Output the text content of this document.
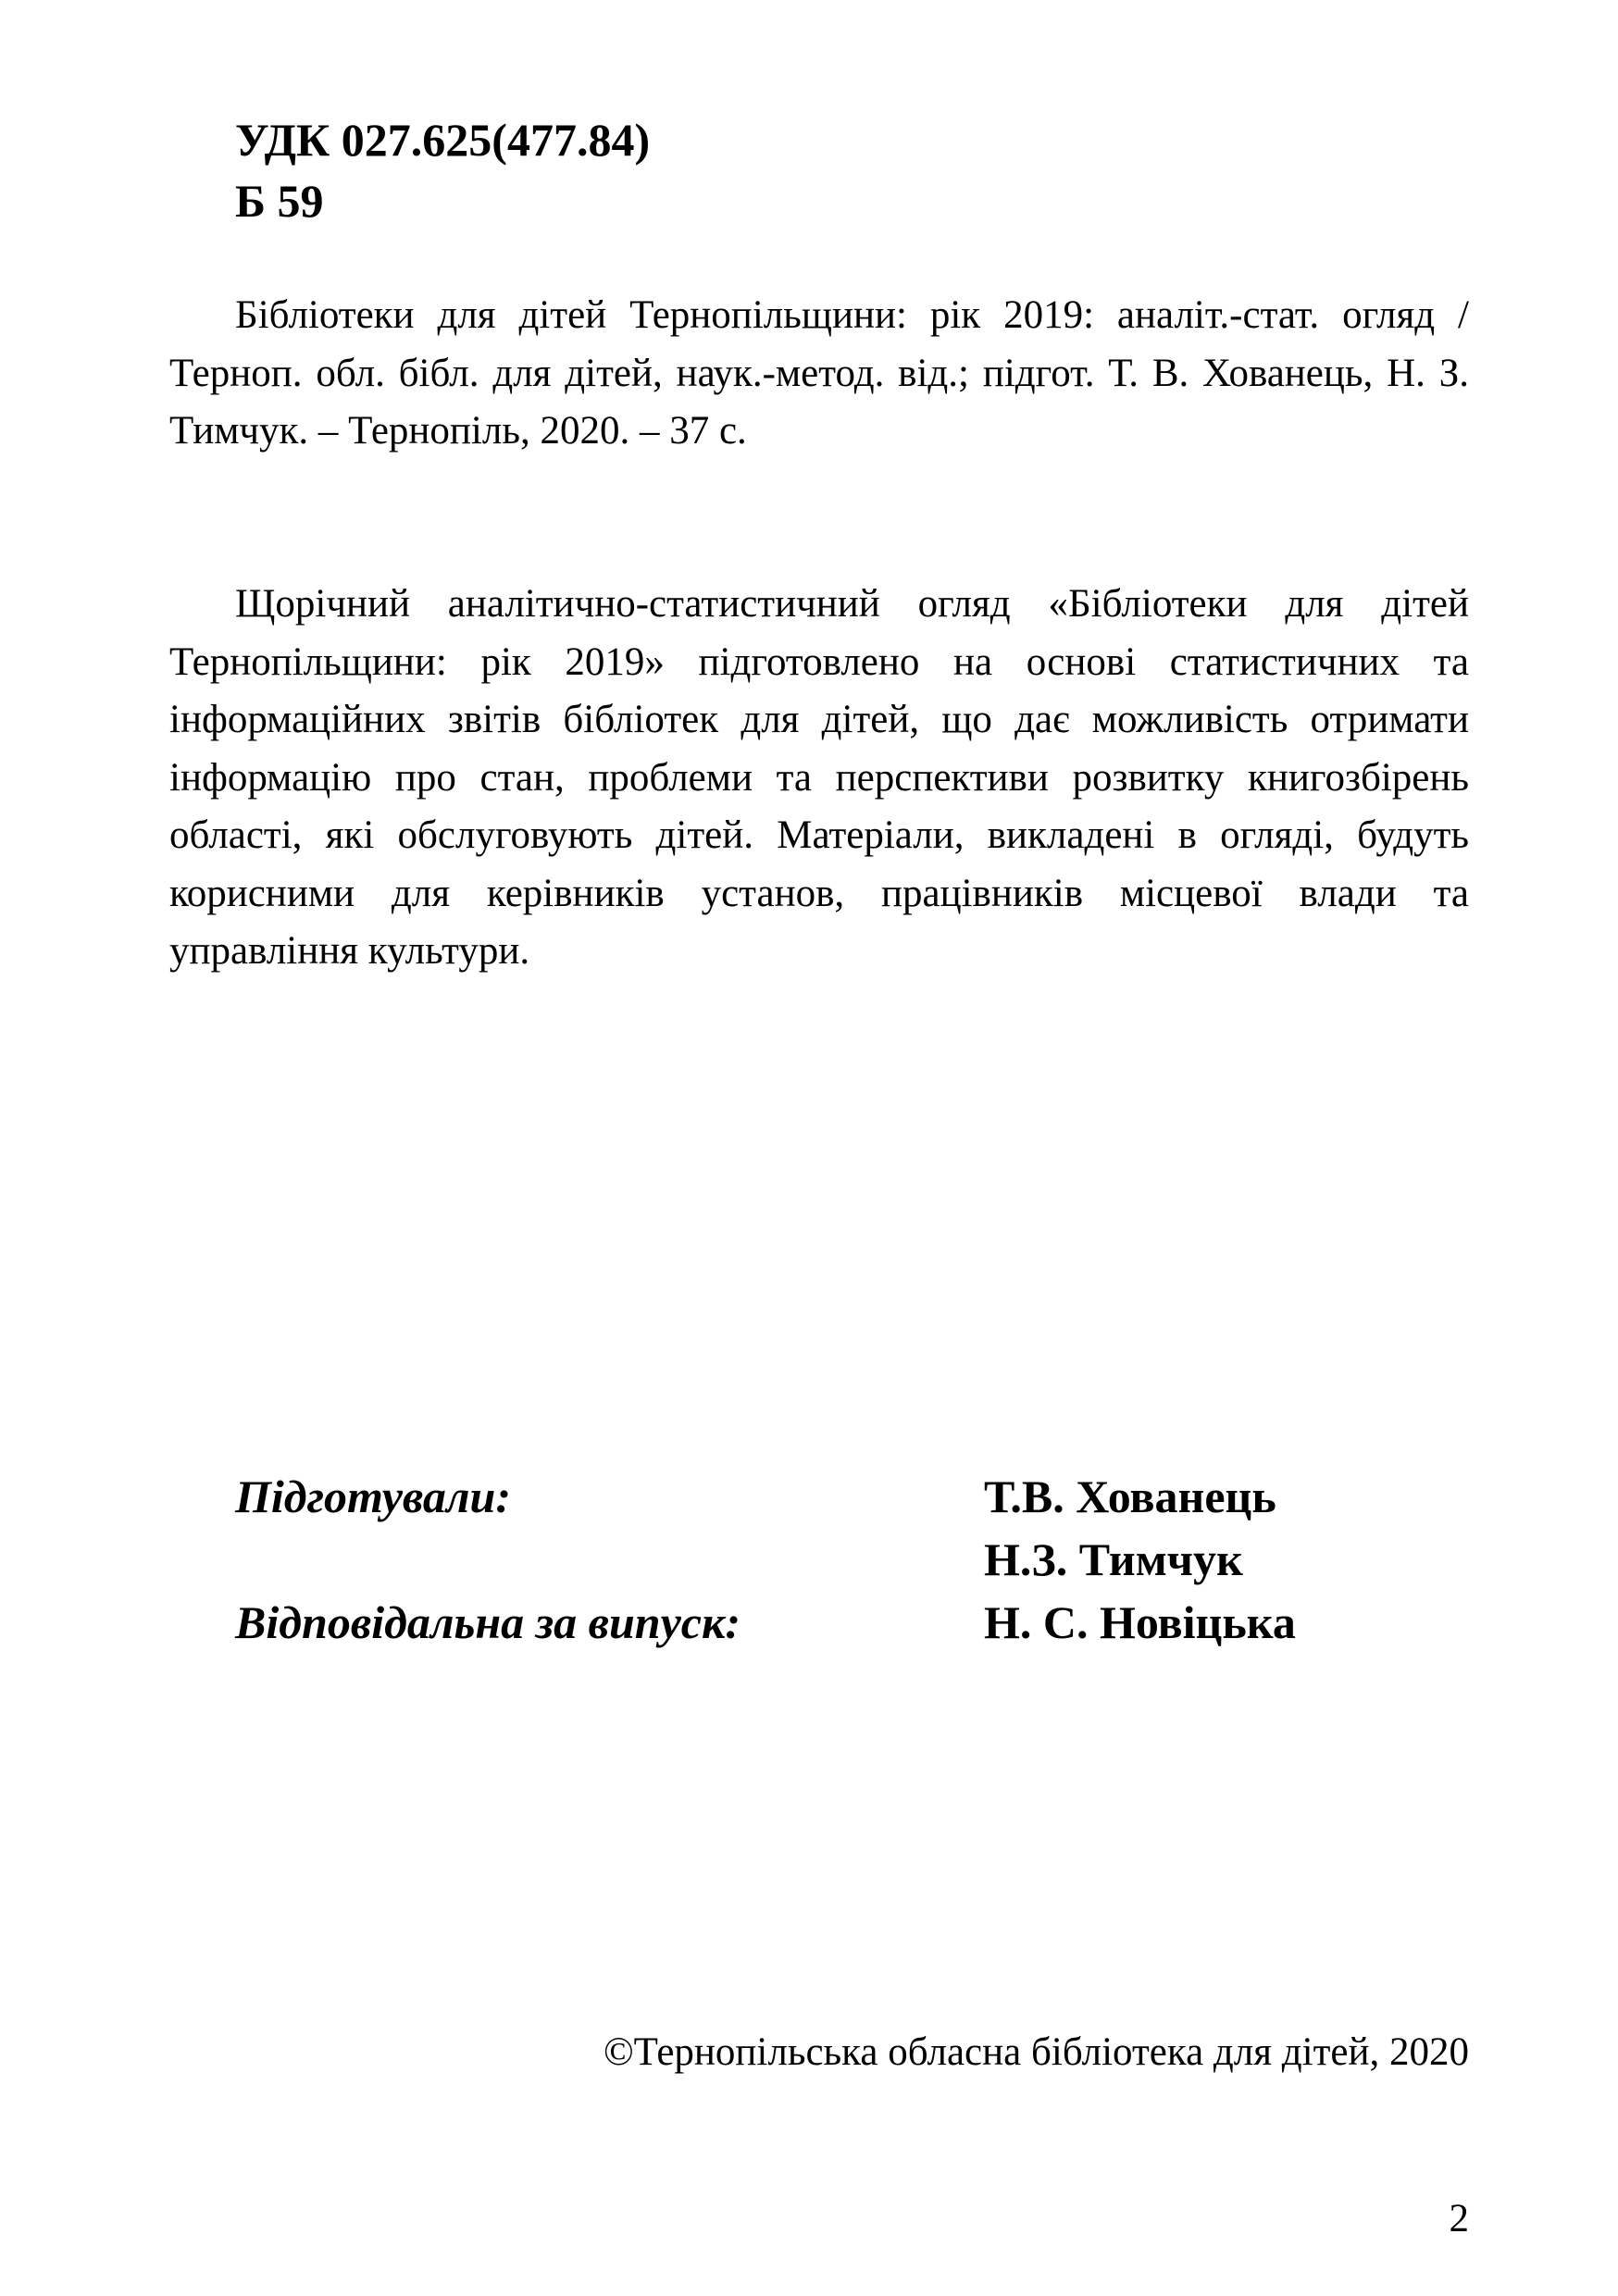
УДК 027.625(477.84)
Б 59
Бібліотеки для дітей Тернопільщини: рік 2019: аналіт.-стат. огляд / Терноп. обл. бібл. для дітей, наук.-метод. від.; підгот. Т. В. Хованець, Н. З. Тимчук. – Тернопіль, 2020. – 37 с.
Щорічний аналітично-статистичний огляд «Бібліотеки для дітей Тернопільщини: рік 2019» підготовлено на основі статистичних та інформаційних звітів бібліотек для дітей, що дає можливість отримати інформацію про стан, проблеми та перспективи розвитку книгозбірень області, які обслуговують дітей. Матеріали, викладені в огляді, будуть корисними для керівників установ, працівників місцевої влади та управління культури.
Підготували:	Т.В. Хованець
Н.З. Тимчук
Відповідальна за випуск:	Н. С. Новіцька
©Тернопільська обласна бібліотека для дітей, 2020
2
